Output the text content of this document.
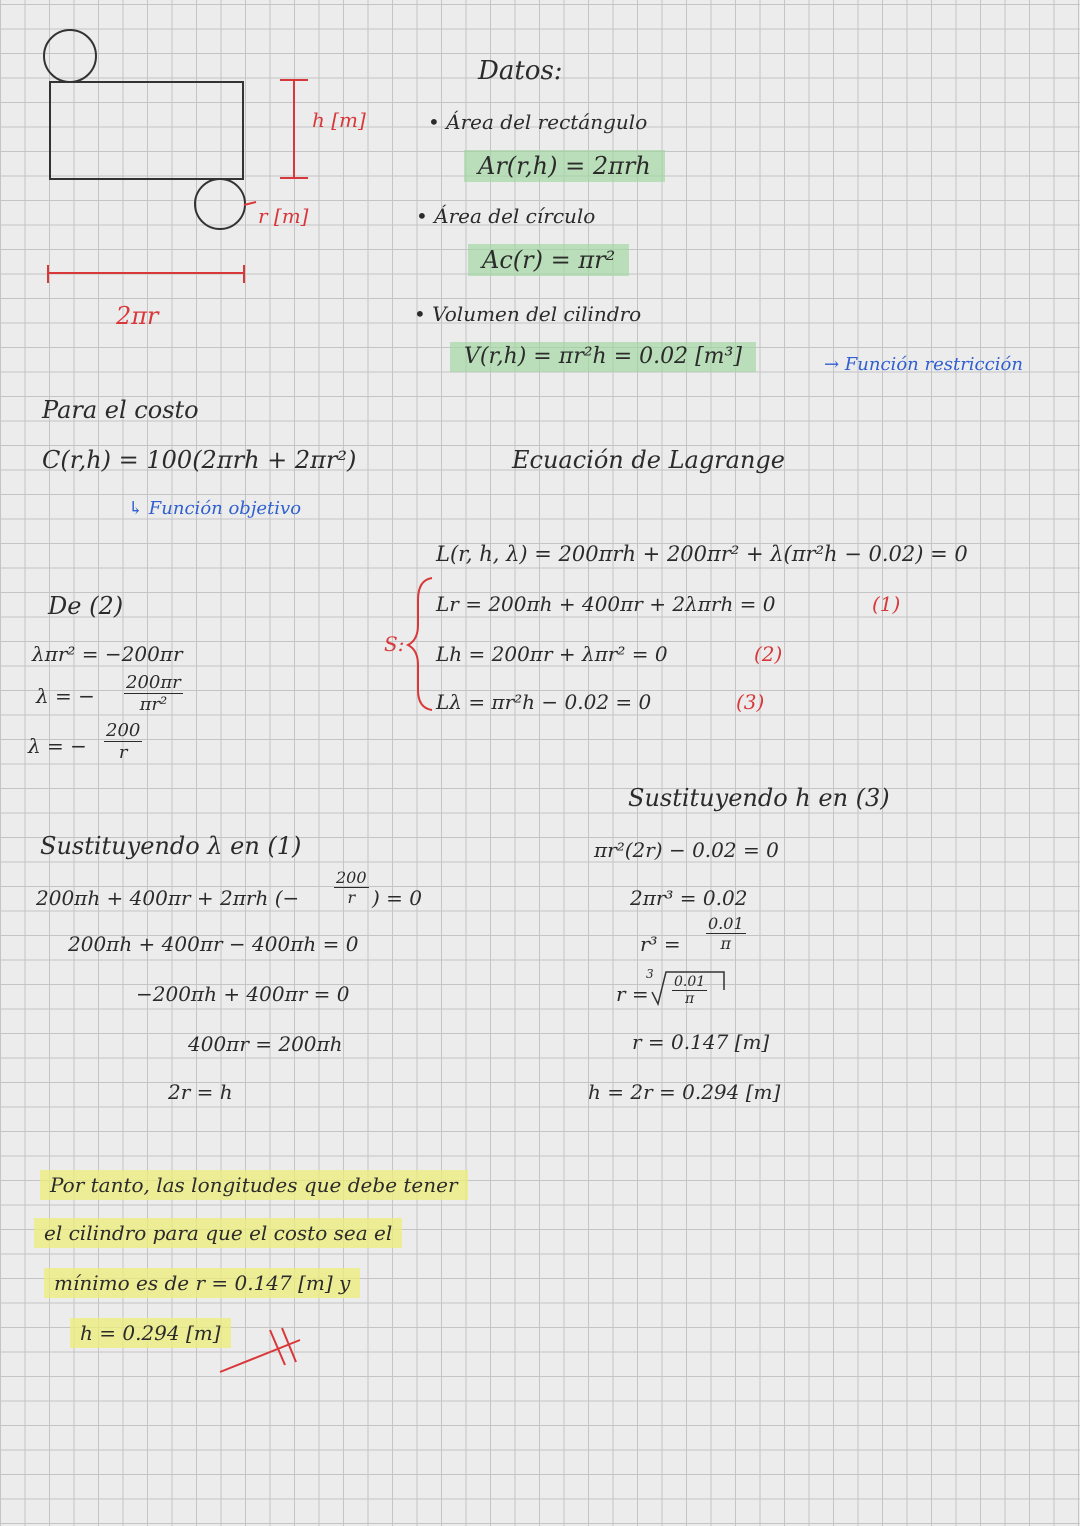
h [m]
r [m]
2πr
Datos:
• Área del rectángulo
Ar(r,h) = 2πrh
• Área del círculo
Ac(r) = πr²
• Volumen del cilindro
V(r,h) = πr²h = 0.02 [m³]	→ Función restricción
Para el costo
C(r,h) = 100(2πrh + 2πr²)
↳ Función objetivo
Ecuación de Lagrange
L(r, h, λ) = 200πrh + 200πr² + λ(πr²h − 0.02) = 0
S:
Lr = 200πh + 400πr + 2λπrh = 0	(1)
Lh = 200πr + λπr² = 0	(2)
Lλ = πr²h − 0.02 = 0	(3)
De (2)
λπr² = −200πr
λ = − $\frac{200\pi r}{\text{πr²}}$
λ = − $\frac{200}{r}$
Sustituyendo λ en (1)
200πh + 400πr + 2πrh (− $\frac{200}{r}$ ) = 0
200πh + 400πr − 400πh = 0
−200πh + 400πr = 0
400πr = 200πh
2r = h
Sustituyendo h en (3)
πr²(2r) − 0.02 = 0
2πr³ = 0.02
$r^3 = \frac{0.01}{\pi}$
r =
$3 \frac{0.01}{\pi}$
r = 0.147 [m]
h = 2r = 0.294 [m]
Por tanto, las longitudes que debe tener
el cilindro para que el costo sea el
mínimo es de r = 0.147 [m] y
h = 0.294 [m]
